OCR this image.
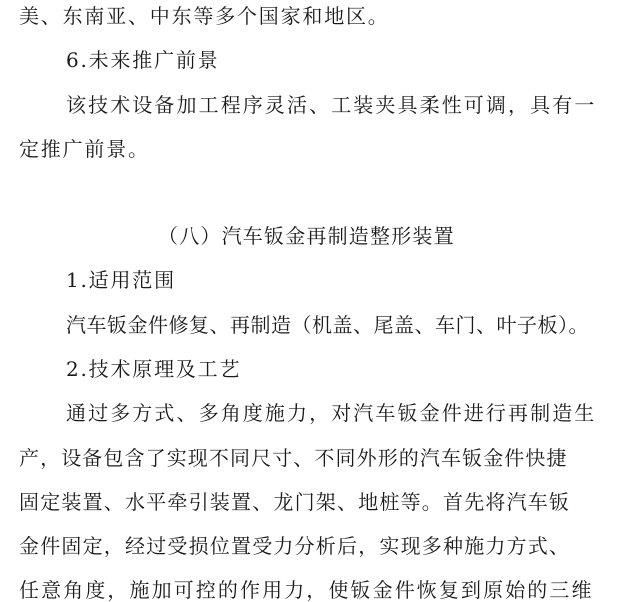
美、东南亚、中东等多个国家和地区。
6.未来推广前景
该技术设备加工程序灵活、工装夹具柔性可调，具有一
定推广前景。
（八）汽车钣金再制造整形装置
1.适用范围
汽车钣金件修复、再制造（机盖、尾盖、车门、叶子板）。
2.技术原理及工艺
通过多方式、多角度施力，对汽车钣金件进行再制造生
产，设备包含了实现不同尺寸、不同外形的汽车钣金件快捷
固定装置、水平牵引装置、龙门架、地桩等。首先将汽车钣
金件固定，经过受损位置受力分析后，实现多种施力方式、
任意角度，施加可控的作用力，使钣金件恢复到原始的三维
